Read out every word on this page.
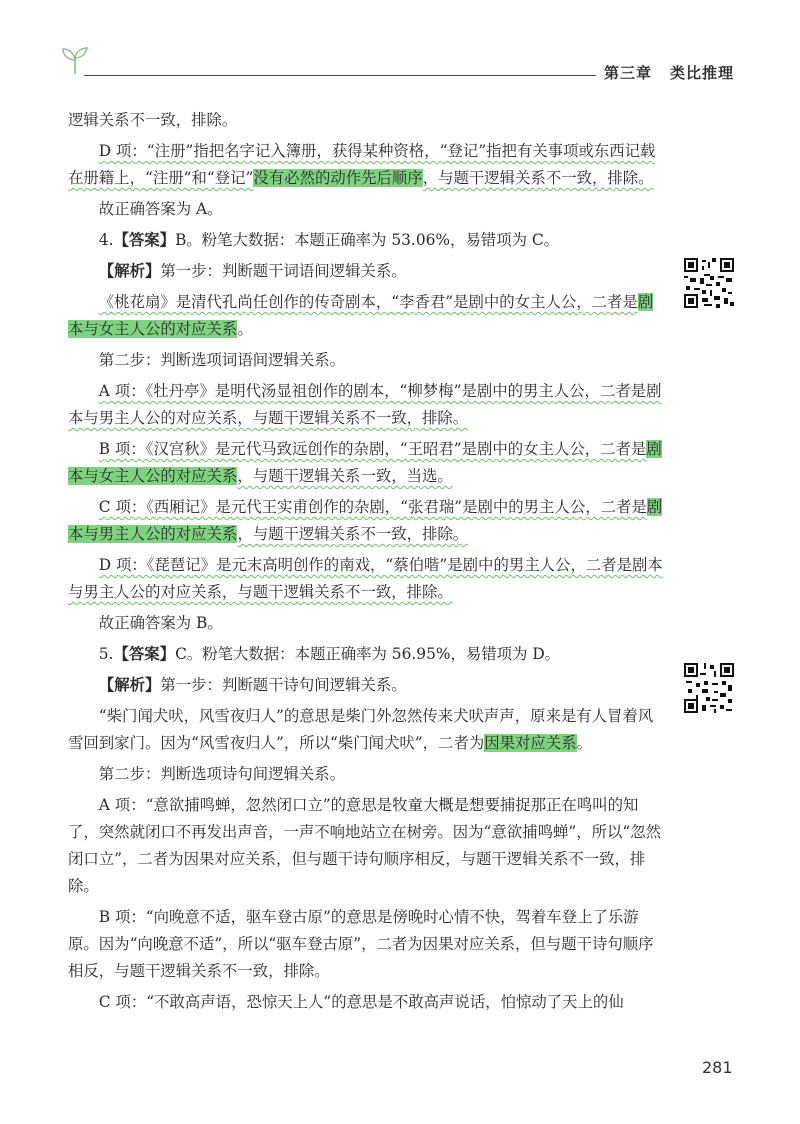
第三章 类比推理

逻辑关系不一致，排除。

D 项：“注册”指把名字记入簿册，获得某种资格，“登记”指把有关事项或东西记载在册籍上，“注册”和“登记”没有必然的动作先后顺序，与题干逻辑关系不一致，排除。

故正确答案为 A。

4.【答案】B。粉笔大数据：本题正确率为 53.06%，易错项为 C。

【解析】第一步：判断题干词语间逻辑关系。

《桃花扇》是清代孔尚任创作的传奇剧本，“李香君”是剧中的女主人公，二者是剧本与女主人公的对应关系。

第二步：判断选项词语间逻辑关系。

A 项：《牡丹亭》是明代汤显祖创作的剧本，“柳梦梅”是剧中的男主人公，二者是剧本与男主人公的对应关系，与题干逻辑关系不一致，排除。

B 项：《汉宫秋》是元代马致远创作的杂剧，“王昭君”是剧中的女主人公，二者是剧本与女主人公的对应关系，与题干逻辑关系一致，当选。

C 项：《西厢记》是元代王实甫创作的杂剧，“张君瑞”是剧中的男主人公，二者是剧本与男主人公的对应关系，与题干逻辑关系不一致，排除。

D 项：《琵琶记》是元末高明创作的南戏，“蔡伯喈”是剧中的男主人公，二者是剧本与男主人公的对应关系，与题干逻辑关系不一致，排除。

故正确答案为 B。

5.【答案】C。粉笔大数据：本题正确率为 56.95%，易错项为 D。

【解析】第一步：判断题干诗句间逻辑关系。

“柴门闻犬吠，风雪夜归人”的意思是柴门外忽然传来犬吠声声，原来是有人冒着风雪回到家门。因为“风雪夜归人”，所以“柴门闻犬吠”，二者为因果对应关系。

第二步：判断选项诗句间逻辑关系。

A 项：“意欲捕鸣蝉，忽然闭口立”的意思是牧童大概是想要捕捉那正在鸣叫的知了，突然就闭口不再发出声音，一声不响地站立在树旁。因为“意欲捕鸣蝉”，所以“忽然闭口立”，二者为因果对应关系，但与题干诗句顺序相反，与题干逻辑关系不一致，排除。

B 项：“向晚意不适，驱车登古原”的意思是傍晚时心情不快，驾着车登上了乐游原。因为“向晚意不适”，所以“驱车登古原”，二者为因果对应关系，但与题干诗句顺序相反，与题干逻辑关系不一致，排除。

C 项：“不敢高声语，恐惊天上人”的意思是不敢高声说话，怕惊动了天上的仙

281
